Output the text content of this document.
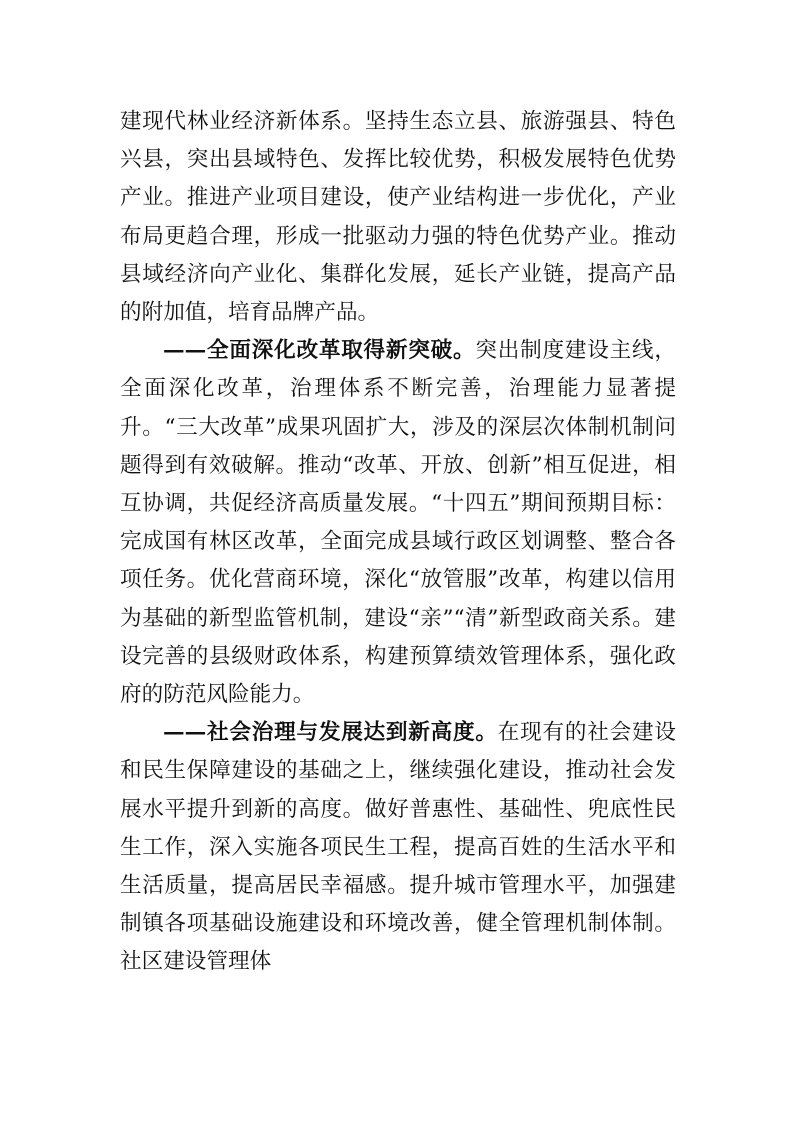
建现代林业经济新体系。坚持生态立县、旅游强县、特色兴县，突出县域特色、发挥比较优势，积极发展特色优势产业。推进产业项目建设，使产业结构进一步优化，产业布局更趋合理，形成一批驱动力强的特色优势产业。推动县域经济向产业化、集群化发展，延长产业链，提高产品的附加值，培育品牌产品。

——全面深化改革取得新突破。突出制度建设主线，全面深化改革，治理体系不断完善，治理能力显著提升。“三大改革”成果巩固扩大，涉及的深层次体制机制问题得到有效破解。推动“改革、开放、创新”相互促进，相互协调，共促经济高质量发展。“十四五”期间预期目标：完成国有林区改革，全面完成县域行政区划调整、整合各项任务。优化营商环境，深化“放管服”改革，构建以信用为基础的新型监管机制，建设“亲”“清”新型政商关系。建设完善的县级财政体系，构建预算绩效管理体系，强化政府的防范风险能力。

——社会治理与发展达到新高度。在现有的社会建设和民生保障建设的基础之上，继续强化建设，推动社会发展水平提升到新的高度。做好普惠性、基础性、兜底性民生工作，深入实施各项民生工程，提高百姓的生活水平和生活质量，提高居民幸福感。提升城市管理水平，加强建制镇各项基础设施建设和环境改善，健全管理机制体制。社区建设管理体
